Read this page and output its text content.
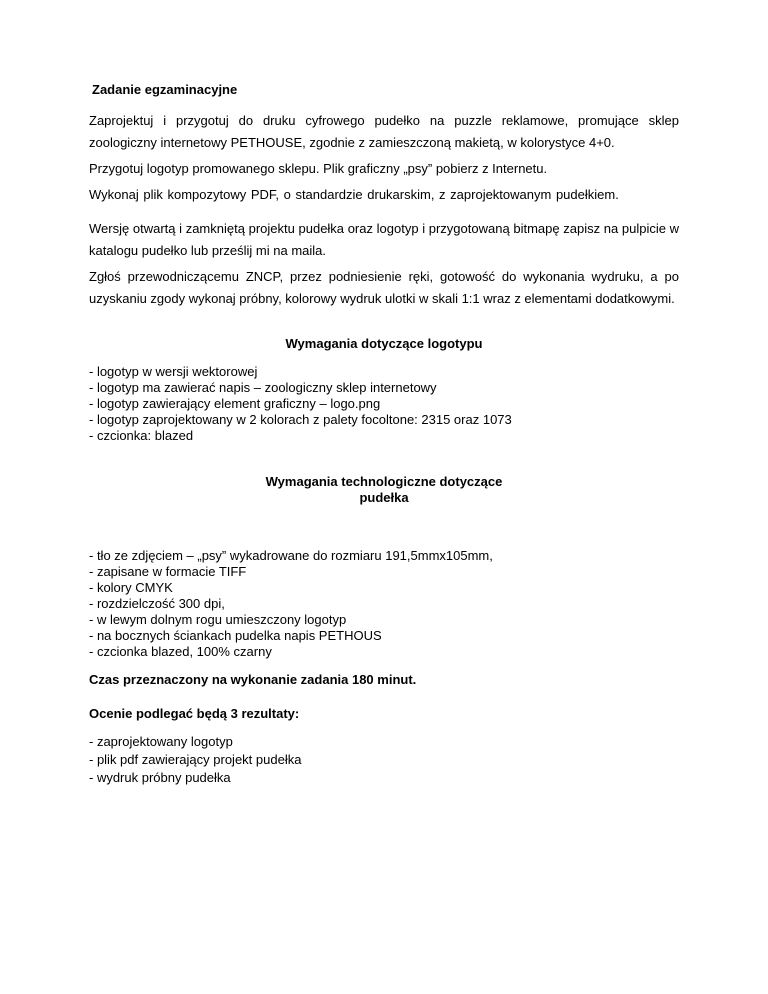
Zadanie egzaminacyjne
Zaprojektuj i przygotuj do druku cyfrowego pudełko na puzzle reklamowe, promujące sklep zoologiczny internetowy PETHOUSE, zgodnie z zamieszczoną makietą, w kolorystyce 4+0.
Przygotuj logotyp promowanego sklepu. Plik graficzny „psy” pobierz z Internetu.
Wykonaj plik kompozytowy PDF, o standardzie drukarskim, z zaprojektowanym pudełkiem.
Wersję otwartą i zamkniętą projektu pudełka oraz logotyp i przygotowaną bitmapę zapisz na pulpicie w katalogu pudełko lub prześlij mi na maila.
Zgłoś przewodniczącemu ZNCP, przez podniesienie ręki, gotowość do wykonania wydruku, a po uzyskaniu zgody wykonaj próbny, kolorowy wydruk ulotki w skali 1:1 wraz z elementami dodatkowymi.
Wymagania dotyczące logotypu
- logotyp w wersji wektorowej
- logotyp ma zawierać napis – zoologiczny sklep internetowy
- logotyp zawierający element graficzny – logo.png
- logotyp zaprojektowany w 2 kolorach z palety focoltone: 2315 oraz 1073
- czcionka: blazed
Wymagania technologiczne dotyczące
pudełka
- tło ze zdjęciem – „psy” wykadrowane do rozmiaru 191,5mmx105mm,
- zapisane w formacie TIFF
- kolory CMYK
- rozdzielczość 300 dpi,
- w lewym dolnym rogu umieszczony logotyp
- na bocznych ściankach pudelka napis PETHOUS
- czcionka blazed, 100% czarny
Czas przeznaczony na wykonanie zadania 180 minut.
Ocenie podlegać będą 3 rezultaty:
- zaprojektowany logotyp
- plik pdf zawierający projekt pudełka
- wydruk próbny pudełka
